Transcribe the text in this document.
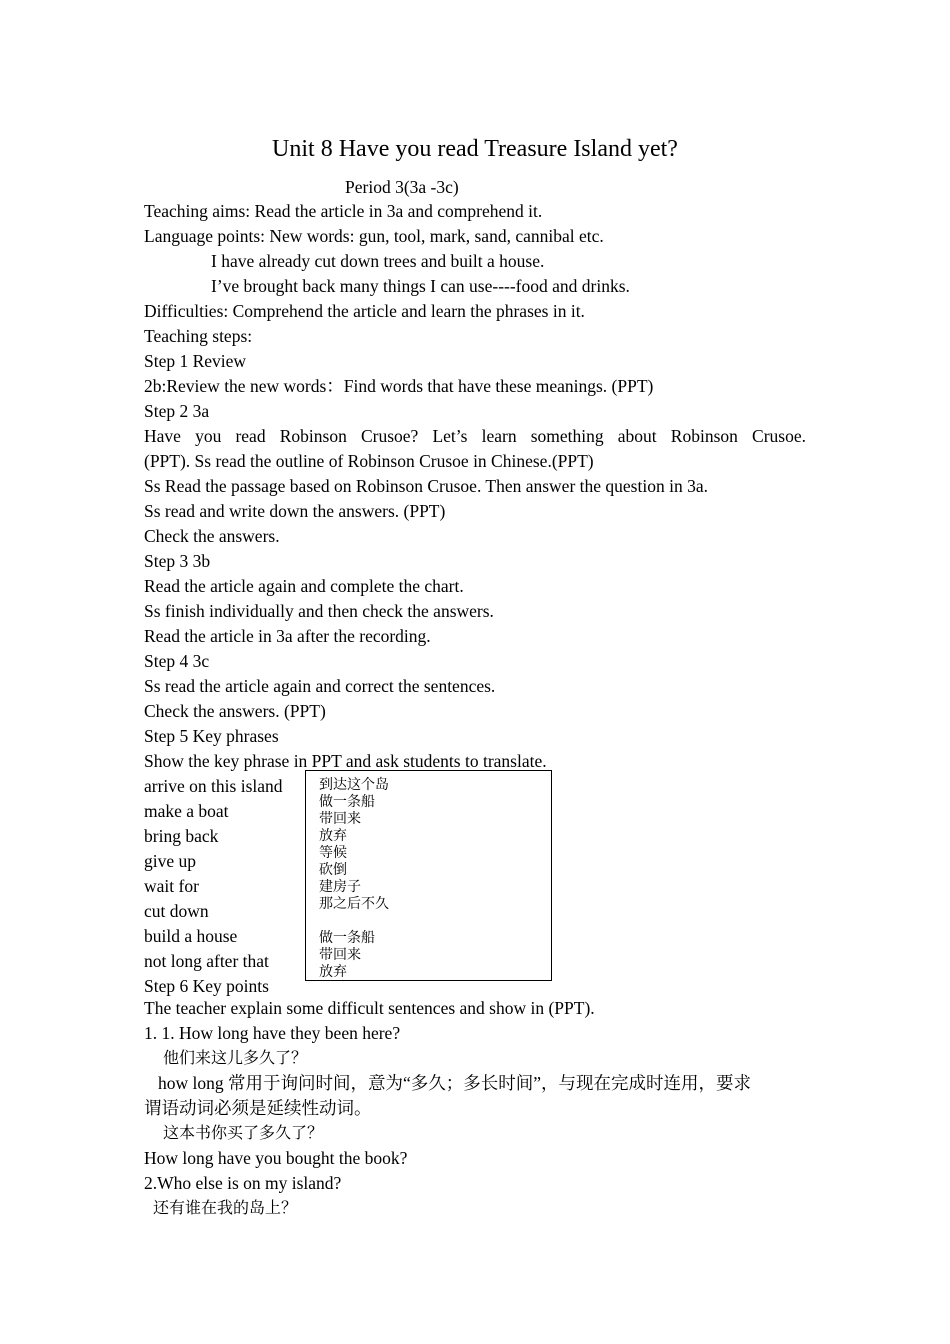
Unit 8 Have you read Treasure Island yet?
Period 3(3a -3c)
Teaching aims: Read the article in 3a and comprehend it.
Language points: New words: gun, tool, mark, sand, cannibal etc.
I have already cut down trees and built a house.
I’ve brought back many things I can use----food and drinks.
Difficulties: Comprehend the article and learn the phrases in it.
Teaching steps:
Step 1 Review
2b:Review the new words：Find words that have these meanings. (PPT)
Step 2 3a
Have you read Robinson Crusoe? Let’s learn something about Robinson Crusoe.
(PPT). Ss read the outline of Robinson Crusoe in Chinese.(PPT)
Ss Read the passage based on Robinson Crusoe. Then answer the question in 3a.
Ss read and write down the answers. (PPT)
Check the answers.
Step 3 3b
Read the article again and complete the chart.
Ss finish individually and then check the answers.
Read the article in 3a after the recording.
Step 4 3c
Ss read the article again and correct the sentences.
Check the answers. (PPT)
Step 5 Key phrases
Show the key phrase in PPT and ask students to translate.
arrive on this island
make a boat
bring back
give up
wait for
cut down
build a house
not long after that
Step 6 Key points
到达这个岛
做一条船
带回来
放弃
等候
砍倒
建房子
那之后不久
做一条船
带回来
放弃
The teacher explain some difficult sentences and show in (PPT).
1. 1. How long have they been here?
他们来这儿多久了？
how long 常用于询问时间，意为“多久；多长时间”，与现在完成时连用，要求
谓语动词必须是延续性动词。
这本书你买了多久了？
How long have you bought the book?
2.Who else is on my island?
还有谁在我的岛上？
